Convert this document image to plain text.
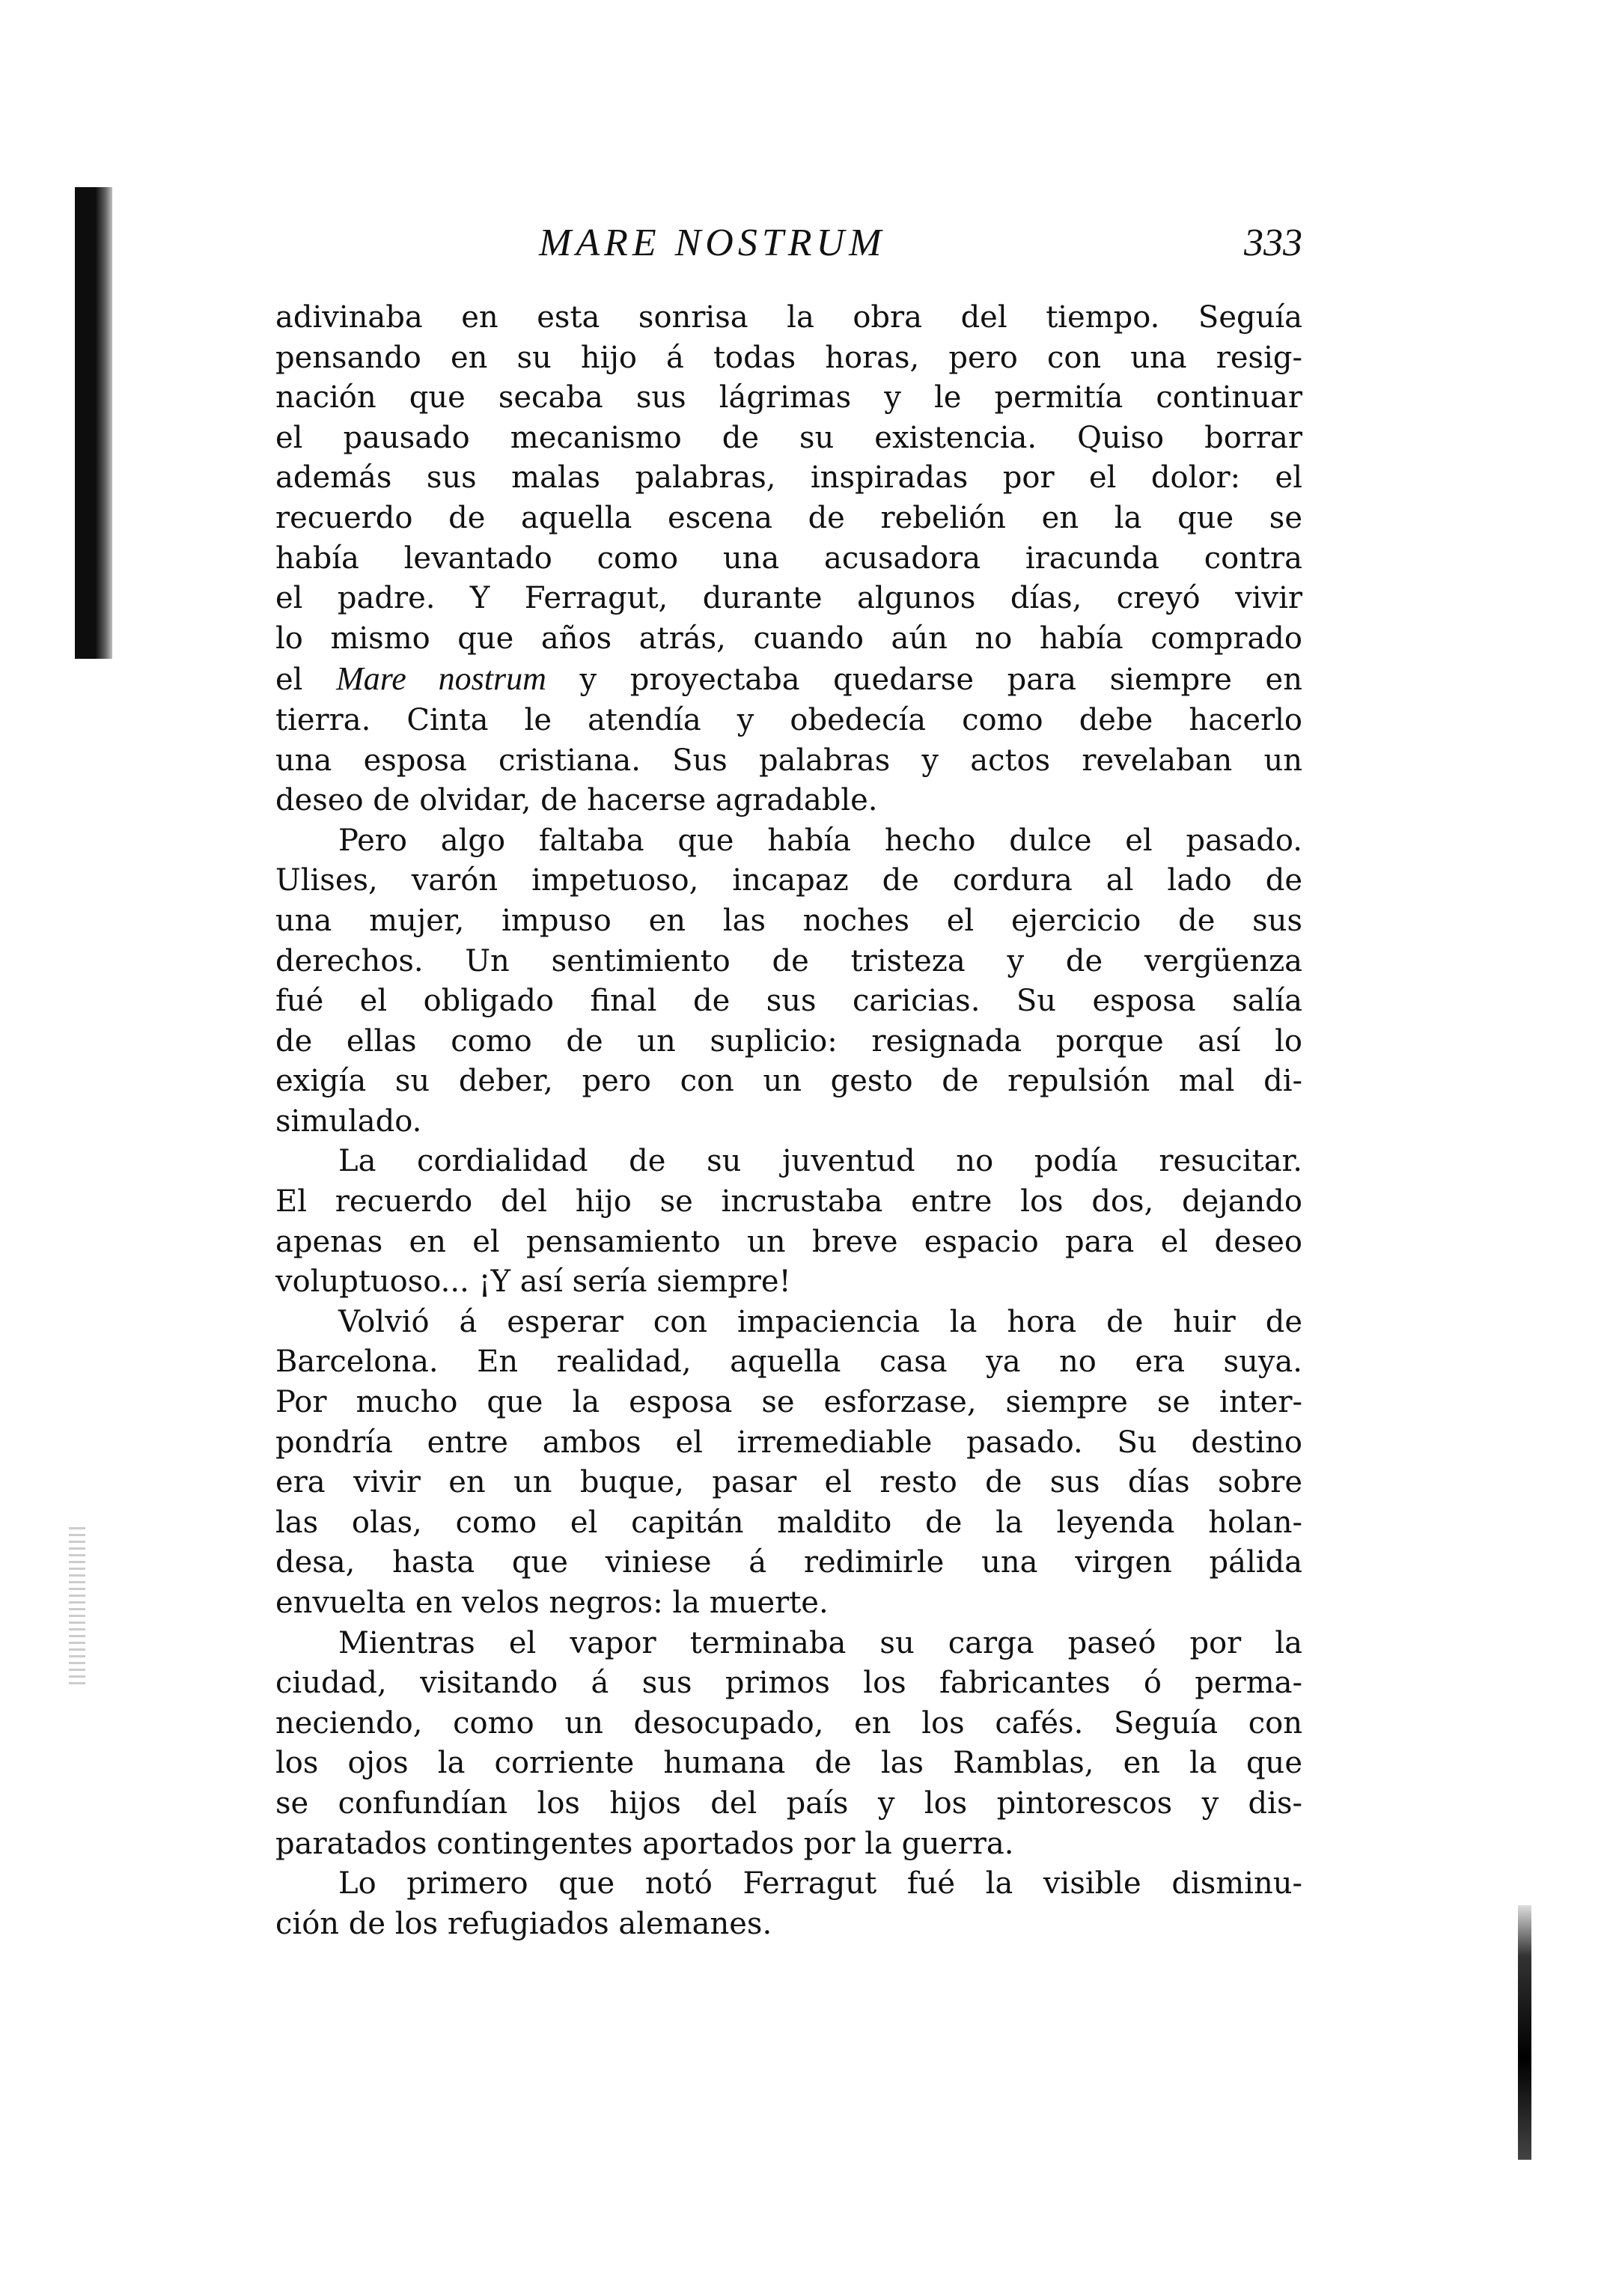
MARE NOSTRUM	333
adivinaba en esta sonrisa la obra del tiempo. Seguía
pensando en su hijo á todas horas, pero con una resig-
nación que secaba sus lágrimas y le permitía continuar
el pausado mecanismo de su existencia. Quiso borrar
además sus malas palabras, inspiradas por el dolor: el
recuerdo de aquella escena de rebelión en la que se
había levantado como una acusadora iracunda contra
el padre. Y Ferragut, durante algunos días, creyó vivir
lo mismo que años atrás, cuando aún no había comprado
el Mare nostrum y proyectaba quedarse para siempre en
tierra. Cinta le atendía y obedecía como debe hacerlo
una esposa cristiana. Sus palabras y actos revelaban un
deseo de olvidar, de hacerse agradable.
Pero algo faltaba que había hecho dulce el pasado.
Ulises, varón impetuoso, incapaz de cordura al lado de
una mujer, impuso en las noches el ejercicio de sus
derechos. Un sentimiento de tristeza y de vergüenza
fué el obligado final de sus caricias. Su esposa salía
de ellas como de un suplicio: resignada porque así lo
exigía su deber, pero con un gesto de repulsión mal di-
simulado.
La cordialidad de su juventud no podía resucitar.
El recuerdo del hijo se incrustaba entre los dos, dejando
apenas en el pensamiento un breve espacio para el deseo
voluptuoso... ¡Y así sería siempre!
Volvió á esperar con impaciencia la hora de huir de
Barcelona. En realidad, aquella casa ya no era suya.
Por mucho que la esposa se esforzase, siempre se inter-
pondría entre ambos el irremediable pasado. Su destino
era vivir en un buque, pasar el resto de sus días sobre
las olas, como el capitán maldito de la leyenda holan-
desa, hasta que viniese á redimirle una virgen pálida
envuelta en velos negros: la muerte.
Mientras el vapor terminaba su carga paseó por la
ciudad, visitando á sus primos los fabricantes ó perma-
neciendo, como un desocupado, en los cafés. Seguía con
los ojos la corriente humana de las Ramblas, en la que
se confundían los hijos del país y los pintorescos y dis-
paratados contingentes aportados por la guerra.
Lo primero que notó Ferragut fué la visible disminu-
ción de los refugiados alemanes.
